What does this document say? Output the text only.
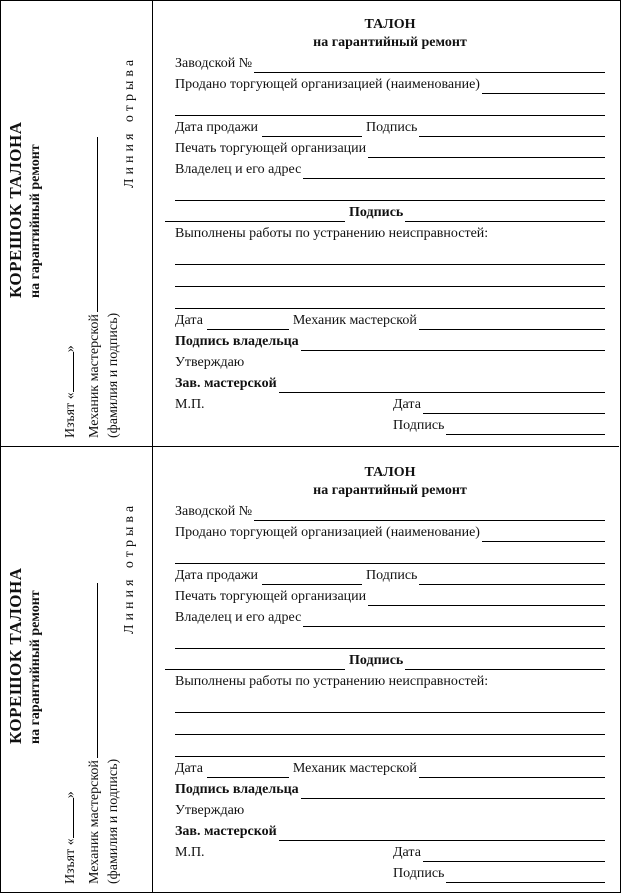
КОРЕШОК ТАЛОНА на гарантийный ремонт
Изъят «» Механик мастерской (фамилия и подпись)
Линия отрыва
ТАЛОН
на гарантийный ремонт
Заводской №
Продано торгующей организацией (наименование)
Дата продажи	Подпись
Печать торгующей организации
Владелец и его адрес
Подпись
Выполнены работы по устранению неисправностей:
Дата	Механик мастерской
Подпись владельца
Утверждаю
Зав. мастерской
М.П.	Дата
Подпись
КОРЕШОК ТАЛОНА на гарантийный ремонт
Изъят «» Механик мастерской (фамилия и подпись)
Линия отрыва
ТАЛОН
на гарантийный ремонт
Заводской №
Продано торгующей организацией (наименование)
Дата продажи	Подпись
Печать торгующей организации
Владелец и его адрес
Подпись
Выполнены работы по устранению неисправностей:
Дата	Механик мастерской
Подпись владельца
Утверждаю
Зав. мастерской
М.П.	Дата
Подпись
